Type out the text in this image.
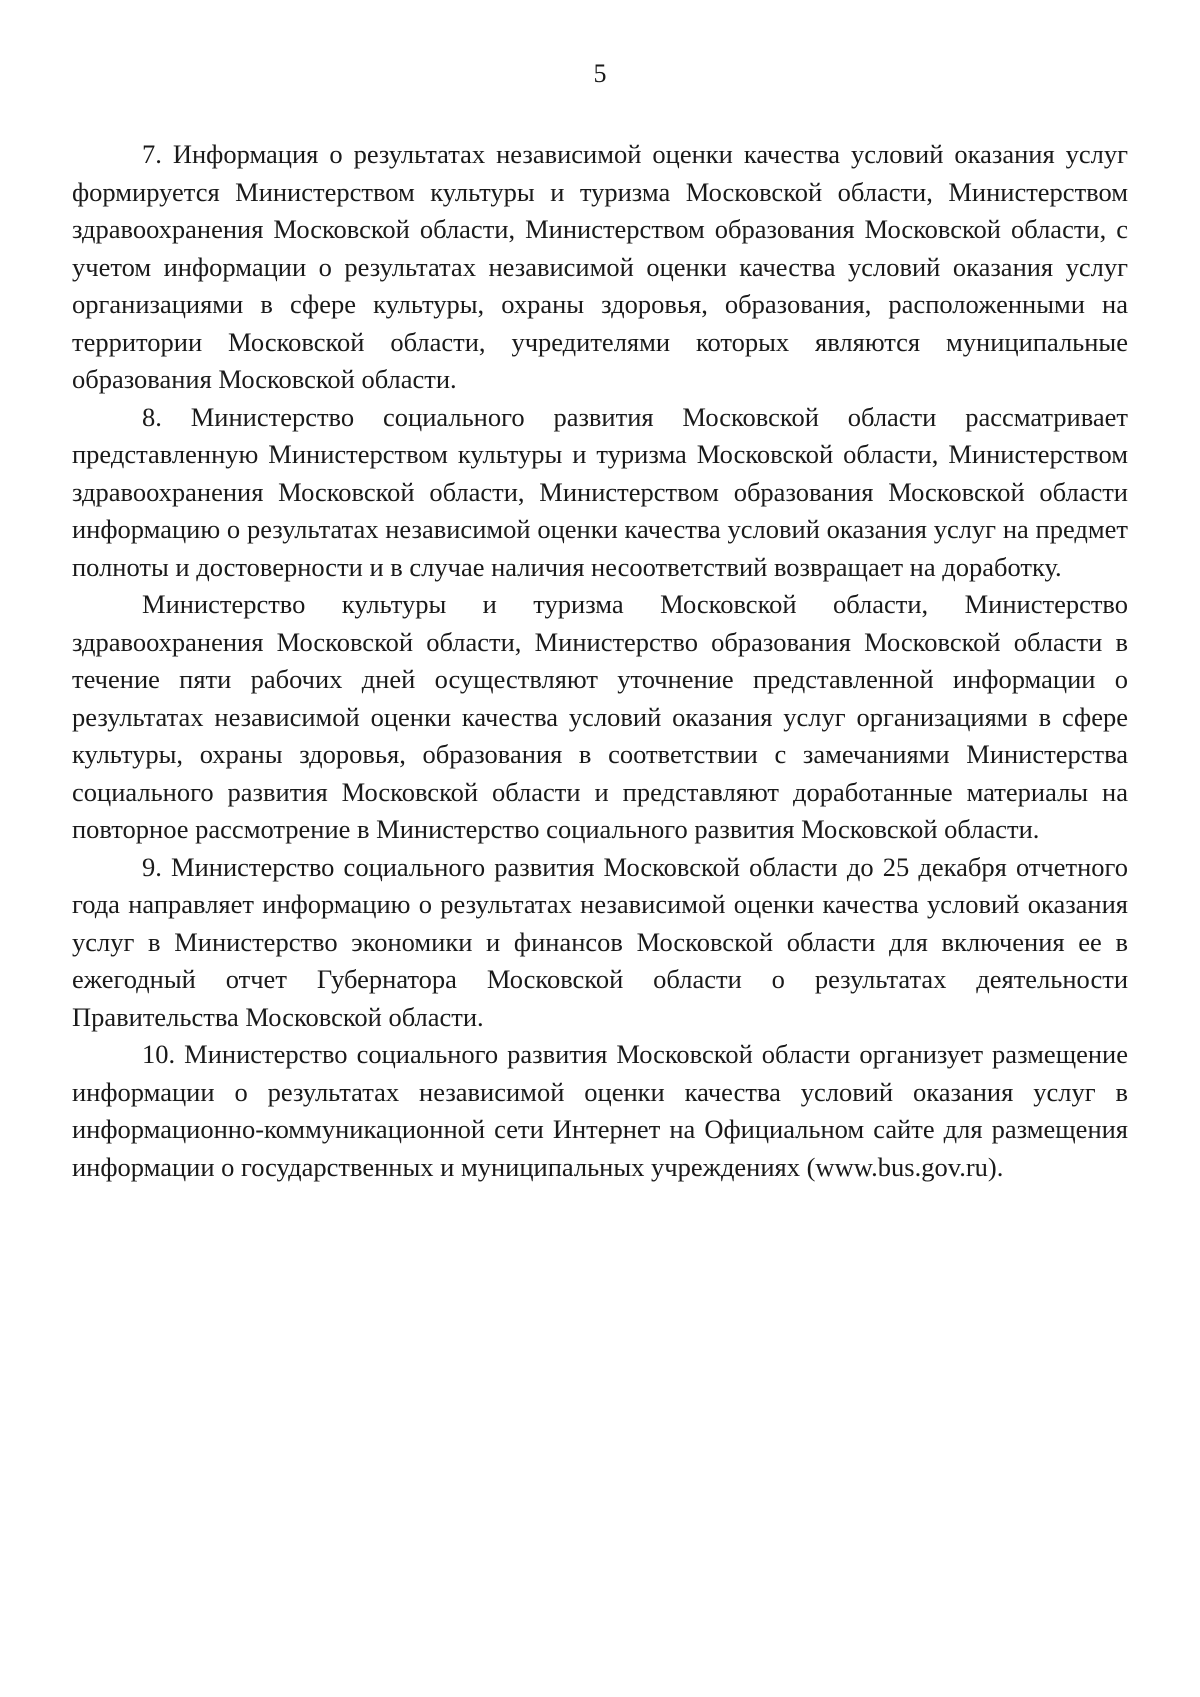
5

7. Информация о результатах независимой оценки качества условий оказания услуг формируется Министерством культуры и туризма Московской области, Министерством здравоохранения Московской области, Министерством образования Московской области, с учетом информации о результатах независимой оценки качества условий оказания услуг организациями в сфере культуры, охраны здоровья, образования, расположенными на территории Московской области, учредителями которых являются муниципальные образования Московской области.

8. Министерство социального развития Московской области рассматривает представленную Министерством культуры и туризма Московской области, Министерством здравоохранения Московской области, Министерством образования Московской области информацию о результатах независимой оценки качества условий оказания услуг на предмет полноты и достоверности и в случае наличия несоответствий возвращает на доработку.

Министерство культуры и туризма Московской области, Министерство здравоохранения Московской области, Министерство образования Московской области в течение пяти рабочих дней осуществляют уточнение представленной информации о результатах независимой оценки качества условий оказания услуг организациями в сфере культуры, охраны здоровья, образования в соответствии с замечаниями Министерства социального развития Московской области и представляют доработанные материалы на повторное рассмотрение в Министерство социального развития Московской области.

9. Министерство социального развития Московской области до 25 декабря отчетного года направляет информацию о результатах независимой оценки качества условий оказания услуг в Министерство экономики и финансов Московской области для включения ее в ежегодный отчет Губернатора Московской области о результатах деятельности Правительства Московской области.

10. Министерство социального развития Московской области организует размещение информации о результатах независимой оценки качества условий оказания услуг в информационно-коммуникационной сети Интернет на Официальном сайте для размещения информации о государственных и муниципальных учреждениях (www.bus.gov.ru).
